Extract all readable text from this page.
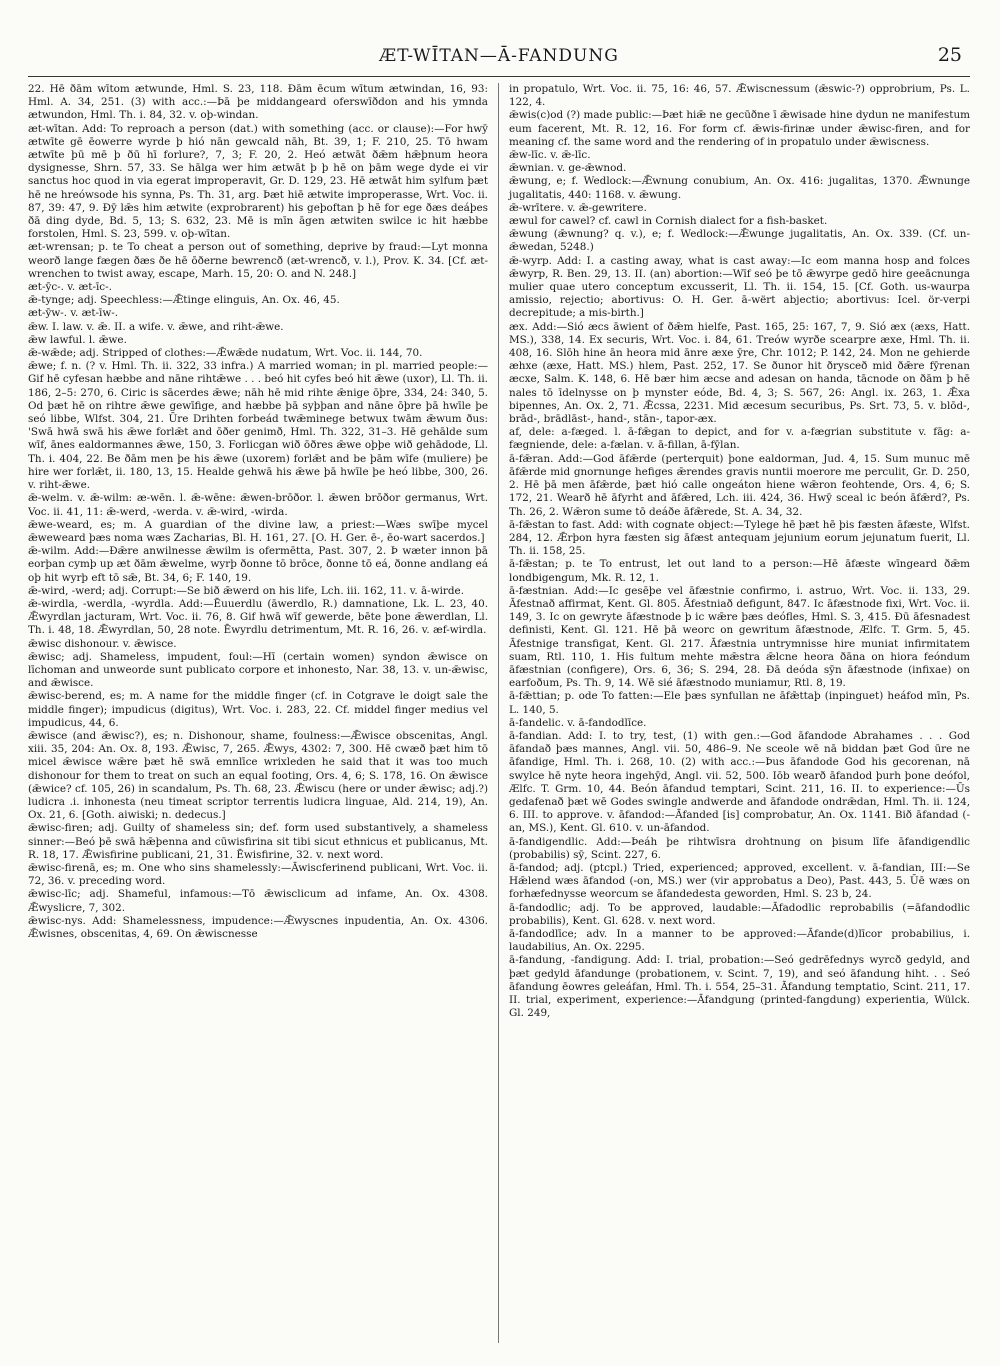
ÆT-WĪTAN—Ā-FANDUNG	25

22. Hē ðām wītom ætwunde, Hml. S. 23, 118. Ðām ēcum wītum ætwindan, 16, 93: Hml. A. 34, 251. (3) with acc.:—Þā þe middangeard oferswīðdon and his ymnda ætwundon, Hml. Th. i. 84, 32. v. oþ-windan.

æt-wītan. Add: To reproach a person (dat.) with something (acc. or clause):—For hwȳ ætwīte gē ēowerre wyrde þ hió nān gewcald nāh, Bt. 39, 1; F. 210, 25. Tō hwam ætwīte þū mē þ ðū hī forlure?, 7, 3; F. 20, 2. Heó ætwāt ðǣm hǣþnum heora dysignesse, Shrn. 57, 33. Se hālga wer him ætwāt þ þ hē on þām wege dyde ei vir sanctus hoc quod in via egerat improperavit, Gr. D. 129, 23. Hē ætwāt him sylfum þæt hē ne hreówsode his synna, Ps. Th. 31, arg. Þæt hiē ætwite improperasse, Wrt. Voc. ii. 87, 39: 47, 9. Ðȳ lǣs him ætwite (exprobrarent) his geþoftan þ hē for ege ðæs deáþes ðā ding dyde, Bd. 5, 13; S. 632, 23. Mē is mīn āgen ætwiten swilce ic hit hæbbe forstolen, Hml. S. 23, 599. v. oþ-wītan.

æt-wrensan; p. te To cheat a person out of something, deprive by fraud:—Lyt monna weorð lange fægen ðæs ðe hē ōðerne bewrencð (æt-wrencð, v. l.), Prov. K. 34. [Cf. æt-wrenchen to twist away, escape, Marh. 15, 20: O. and N. 248.]

æt-ȳc-. v. æt-īc-.

ǣ-tynge; adj. Speechless:—Ǣtinge elinguis, An. Ox. 46, 45.

æt-ȳw-. v. æt-īw-.

ǣw. I. law. v. ǣ. II. a wife. v. ǣwe, and riht-ǣwe.

ǣw lawful. l. ǣwe.

ǣ-wǣde; adj. Stripped of clothes:—Ǣwǣde nudatum, Wrt. Voc. ii. 144, 70.

ǣwe; f. n. (? v. Hml. Th. ii. 322, 33 infra.) A married woman; in pl. married people:—Gif hē cyfesan hæbbe and nāne rihtǣwe . . . beó hit cyfes beó hit ǣwe (uxor), Ll. Th. ii. 186, 2–5: 270, 6. Ciric is sācerdes ǣwe; nāh hē mid rihte ǣnige ōþre, 334, 24: 340, 5. Od þæt hē on rihtre ǣwe gewīfige, and hæbbe þā syþþan and nāne ōþre þā hwīle þe seó libbe, Wlfst. 304, 21. Ūre Drihten forbeád twǣminege betwux twām ǣwum ðus: 'Swā hwā swā his ǣwe forlǣt and ōðer genimð, Hml. Th. 322, 31–3. Hē gehālde sum wīf, ānes ealdormannes ǣwe, 150, 3. Forlicgan wið ōðres ǣwe oþþe wið gehādode, Ll. Th. i. 404, 22. Be ðām men þe his ǣwe (uxorem) forlǣt and be þām wīfe (muliere) þe hire wer forlǣt, ii. 180, 13, 15. Healde gehwā his ǣwe þā hwīle þe heó libbe, 300, 26. v. riht-ǣwe.

ǣ-welm. v. ǣ-wilm: æ-wēn. l. ǣ-wēne: ǣwen-brōðor. l. ǣwen brōðor germanus, Wrt. Voc. ii. 41, 11: ǣ-werd, -werda. v. ǣ-wird, -wirda.

ǣwe-weard, es; m. A guardian of the divine law, a priest:—Wæs swīþe mycel ǣweweard þæs noma wæs Zacharias, Bl. H. 161, 27. [O. H. Ger. ē-, ēo-wart sacerdos.]

ǣ-wilm. Add:—Ðǣre anwilnesse ǣwilm is ofermētta, Past. 307, 2. Þ wæter innon þā eorþan cymþ up æt ðām ǣwelme, wyrþ ðonne tō brōce, ðonne tō eá, ðonne andlang eá oþ hit wyrþ eft tō sǣ, Bt. 34, 6; F. 140, 19.

ǣ-wird, -werd; adj. Corrupt:—Se bið ǣwerd on his life, Lch. iii. 162, 11. v. ā-wirde.

ǣ-wirdla, -werdla, -wyrdla. Add:—Ēuuerdlu (āwerdlo, R.) damnatione, Lk. L. 23, 40. Ǣwyrdlan jacturam, Wrt. Voc. ii. 76, 8. Gif hwā wīf gewerde, bēte þone ǣwerdlan, Ll. Th. i. 48, 18. Ǣwyrdlan, 50, 28 note. Ēwyrdlu detrimentum, Mt. R. 16, 26. v. æf-wirdla.

ǣwisc dishonour. v. ǣwisce.

ǣwisc; adj. Shameless, impudent, foul:—Hī (certain women) syndon ǣwisce on līchoman and unweorde sunt publicato corpore et inhonesto, Nar. 38, 13. v. un-ǣwisc, and ǣwisce.

ǣwisc-berend, es; m. A name for the middle finger (cf. in Cotgrave le doigt sale the middle finger); impudicus (digitus), Wrt. Voc. i. 283, 22. Cf. middel finger medius vel impudicus, 44, 6.

ǣwisce (and ǣwisc?), es; n. Dishonour, shame, foulness:—Ǣwisce obscenitas, Angl. xiii. 35, 204: An. Ox. 8, 193. Ǣwisc, 7, 265. Ǣwys, 4302: 7, 300. Hē cwæð þæt him tō micel ǣwisce wǣre þæt hē swā emnlīce wrixleden he said that it was too much dishonour for them to treat on such an equal footing, Ors. 4, 6; S. 178, 16. On ǣwisce (ǣwice? cf. 105, 26) in scandalum, Ps. Th. 68, 23. Ǣwiscu (here or under ǣwisc; adj.?) ludicra .i. inhonesta (neu timeat scriptor terrentis ludicra linguae, Ald. 214, 19), An. Ox. 21, 6. [Goth. aiwiski; n. dedecus.]

ǣwisc-firen; adj. Guilty of shameless sin; def. form used substantively, a shameless sinner:—Beó þē swā hǣþenna and cūwisfirina sit tibi sicut ethnicus et publicanus, Mt. R. 18, 17. Ǣwisfirine publicani, 21, 31. Ēwisfirine, 32. v. next word.

ǣwisc-firenā, es; m. One who sins shamelessly:—Āwiscferinend publicani, Wrt. Voc. ii. 72, 36. v. preceding word.

ǣwisc-līc; adj. Shameful, infamous:—Tō ǣwisclicum ad infame, An. Ox. 4308. Ǣwyslicre, 7, 302.

ǣwisc-nys. Add: Shamelessness, impudence:—Ǣwyscnes inpudentia, An. Ox. 4306. Ǣwisnes, obscenitas, 4, 69. On ǣwiscnesse

in propatulo, Wrt. Voc. ii. 75, 16: 46, 57. Ǣwiscnessum (ǣswic-?) opprobrium, Ps. L. 122, 4.

ǣwis(c)od (?) made public:—Þæt hiǣ ne gecūðne ī ǣwisade hine dydun ne manifestum eum facerent, Mt. R. 12, 16. For form cf. ǣwis-firinæ under ǣwisc-firen, and for meaning cf. the same word and the rendering of in propatulo under ǣwiscness.

ǣw-līc. v. ǣ-līc.

ǣwnian. v. ge-ǣwnod.

ǣwung, e; f. Wedlock:—Ǣwnung conubium, An. Ox. 416: jugalitas, 1370. Ǣwnunge jugalitatis, 440: 1168. v. ǣwung.

ǣ-wrītere. v. ǣ-gewritere.

æwul for cawel? cf. cawl in Cornish dialect for a fish-basket.

ǣwung (ǣwnung? q. v.), e; f. Wedlock:—Ǣwunge jugalitatis, An. Ox. 339. (Cf. un-ǣwedan, 5248.)

ǣ-wyrp. Add: I. a casting away, what is cast away:—Ic eom manna hosp and folces ǣwyrp, R. Ben. 29, 13. II. (an) abortion:—Wīf seó þe tō ǣwyrpe gedō hire geeācnunga mulier quae utero conceptum excusserit, Ll. Th. ii. 154, 15. [Cf. Goth. us-waurpa amissio, rejectio; abortivus: O. H. Ger. ā-wërt abjectio; abortivus: Icel. ör-verpi decrepitude; a mis-birth.]

æx. Add:—Sió æcs āwient of ðǣm hielfe, Past. 165, 25: 167, 7, 9. Sió æx (æxs, Hatt. MS.), 338, 14. Ex securis, Wrt. Voc. i. 84, 61. Treów wyrðe scearpre æxe, Hml. Th. ii. 408, 16. Slōh hine ān heora mid ānre æxe ȳre, Chr. 1012; P. 142, 24. Mon ne gehierde æhxe (æxe, Hatt. MS.) hlem, Past. 252, 17. Se ðunor hit ðrysceð mid ðǣre fȳrenan æcxe, Salm. K. 148, 6. Hē bær him æcse and adesan on handa, tācnode on ðām þ hē nales tō īdelnysse on þ mynster eóde, Bd. 4, 3; S. 567, 26: Angl. ix. 263, 1. Ǣxa bipennes, An. Ox. 2, 71. Ǣcssa, 2231. Mid æcesum securibus, Ps. Srt. 73, 5. v. blōd-, brād-, brādlāst-, hand-, stān-, tapor-æx.

af, dele: a-fæged. l. ā-fǣgan to depict, and for v. a-fægrian substitute v. fāg: a-fægniende, dele: a-fælan. v. ā-fillan, ā-fȳlan.

ā-fǣran. Add:—God āfǣrde (perterquit) þone ealdorman, Jud. 4, 15. Sum munuc mē āfǣrde mid gnornunge hefiges ǣrendes gravis nuntii moerore me perculit, Gr. D. 250, 2. Hē þā men āfǣrde, þæt hió calle ongeáton hiene wǣron feohtende, Ors. 4, 6; S. 172, 21. Wearð hē āfyrht and āfǣred, Lch. iii. 424, 36. Hwȳ sceal ic beón āfǣrd?, Ps. Th. 26, 2. Wǣron sume tō deáðe āfǣrede, St. A. 34, 32.

ā-fǣstan to fast. Add: with cognate object:—Tylege hē þæt hē þis fæsten āfæste, Wlfst. 284, 12. Ǣrþon hyra fæsten sig āfæst antequam jejunium eorum jejunatum fuerit, Ll. Th. ii. 158, 25.

ā-fǣstan; p. te To entrust, let out land to a person:—Hē āfæste wīngeard ðǣm londbigengum, Mk. R. 12, 1.

ā-fæstnian. Add:—Ic gesēþe vel āfæstnie confirmo, i. astruo, Wrt. Voc. ii. 133, 29. Āfestnað affirmat, Kent. Gl. 805. Āfestniað defigunt, 847. Ic āfæstnode fixi, Wrt. Voc. ii. 149, 3. Ic on gewryte āfæstnode þ ic wǣre þæs deófles, Hml. S. 3, 415. Ðū āfesnadest definisti, Kent. Gl. 121. Hē þā weorc on gewritum āfæstnode, Ælfc. T. Grm. 5, 45. Āfestnige transfigat, Kent. Gl. 217. Āfæstnia untrymnisse hire muniat infirmitatem suam, Rtl. 110, 1. His fultum mehte mǣstra ǣlcne heora ðāna on hiora feóndum āfæstnian (configere), Ors. 6, 36; S. 294, 28. Ðā deóda sȳn āfæstnode (infixae) on earfoðum, Ps. Th. 9, 14. Wē sié āfæstnodo muniamur, Rtl. 8, 19.

ā-fǣttian; p. ode To fatten:—Ele þæs synfullan ne āfǣttaþ (inpinguet) heáfod mīn, Ps. L. 140, 5.

ā-fandelic. v. ā-fandodlīce.

ā-fandian. Add: I. to try, test, (1) with gen.:—God āfandode Abrahames . . . God āfandað þæs mannes, Angl. vii. 50, 486–9. Ne sceole wē nā biddan þæt God ūre ne āfandige, Hml. Th. i. 268, 10. (2) with acc.:—Þus āfandode God his gecorenan, nā swylce hē nyte heora ingehȳd, Angl. vii. 52, 500. Iōb wearð āfandod þurh þone deófol, Ælfc. T. Grm. 10, 44. Beón āfandud temptari, Scint. 211, 16. II. to experience:—Ūs gedafenað þæt wē Godes swingle andwerde and āfandode ondrǣdan, Hml. Th. ii. 124, 6. III. to approve. v. āfandod:—Āfanded [is] comprobatur, An. Ox. 1141. Bið āfandad (-an, MS.), Kent. Gl. 610. v. un-āfandod.

ā-fandigendlic. Add:—Þeáh þe rihtwīsra drohtnung on þisum līfe āfandigendlic (probabilis) sȳ, Scint. 227, 6.

ā-fandod; adj. (ptcpl.) Tried, experienced; approved, excellent. v. ā-fandian, III:—Se Hǣlend wæs āfandod (-on, MS.) wer (vir approbatus a Deo), Past. 443, 5. Ūē wæs on forhæfednysse weorcum se āfandedesta geworden, Hml. S. 23 b, 24.

ā-fandodlic; adj. To be approved, laudable:—Āfadodlic reprobabilis (=āfandodlic probabilis), Kent. Gl. 628. v. next word.

ā-fandodlīce; adv. In a manner to be approved:—Āfande(d)līcor probabilius, i. laudabilius, An. Ox. 2295.

ā-fandung, -fandigung. Add: I. trial, probation:—Seó gedrēfednys wyrcð gedyld, and þæt gedyld āfandunge (probationem, v. Scint. 7, 19), and seó āfandung hiht. . . Seó āfandung ēowres geleáfan, Hml. Th. i. 554, 25–31. Āfandung temptatio, Scint. 211, 17. II. trial, experiment, experience:—Āfandgung (printed-fangdung) experientia, Wülck. Gl. 249,
